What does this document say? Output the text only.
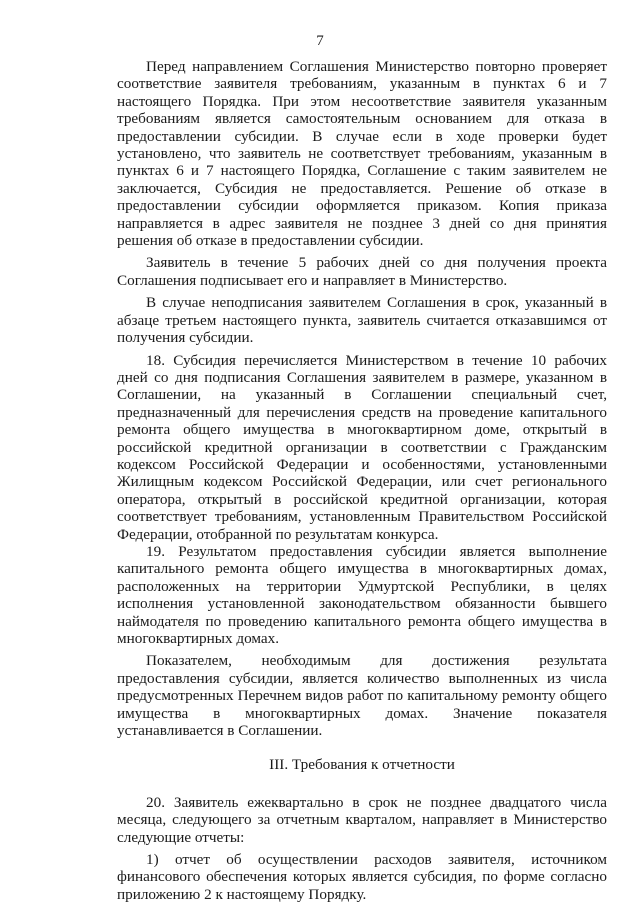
7

Перед направлением Соглашения Министерство повторно проверяет соответствие заявителя требованиям, указанным в пунктах 6 и 7 настоящего Порядка. При этом несоответствие заявителя указанным требованиям является самостоятельным основанием для отказа в предоставлении субсидии. В случае если в ходе проверки будет установлено, что заявитель не соответствует требованиям, указанным в пунктах 6 и 7 настоящего Порядка, Соглашение с таким заявителем не заключается, Субсидия не предоставляется. Решение об отказе в предоставлении субсидии оформляется приказом. Копия приказа направляется в адрес заявителя не позднее 3 дней со дня принятия решения об отказе в предоставлении субсидии.

Заявитель в течение 5 рабочих дней со дня получения проекта Соглашения подписывает его и направляет в Министерство.

В случае неподписания заявителем Соглашения в срок, указанный в абзаце третьем настоящего пункта, заявитель считается отказавшимся от получения субсидии.

18. Субсидия перечисляется Министерством в течение 10 рабочих дней со дня подписания Соглашения заявителем в размере, указанном в Соглашении, на указанный в Соглашении специальный счет, предназначенный для перечисления средств на проведение капитального ремонта общего имущества в многоквартирном доме, открытый в российской кредитной организации в соответствии с Гражданским кодексом Российской Федерации и особенностями, установленными Жилищным кодексом Российской Федерации, или счет регионального оператора, открытый в российской кредитной организации, которая соответствует требованиям, установленным Правительством Российской Федерации, отобранной по результатам конкурса.

19. Результатом предоставления субсидии является выполнение капитального ремонта общего имущества в многоквартирных домах, расположенных на территории Удмуртской Республики, в целях исполнения установленной законодательством обязанности бывшего наймодателя по проведению капитального ремонта общего имущества в многоквартирных домах.

Показателем, необходимым для достижения результата предоставления субсидии, является количество выполненных из числа предусмотренных Перечнем видов работ по капитальному ремонту общего имущества в многоквартирных домах. Значение показателя устанавливается в Соглашении.

III. Требования к отчетности

20. Заявитель ежеквартально в срок не позднее двадцатого числа месяца, следующего за отчетным кварталом, направляет в Министерство следующие отчеты:

1) отчет об осуществлении расходов заявителя, источником финансового обеспечения которых является субсидия, по форме согласно приложению 2 к настоящему Порядку.
